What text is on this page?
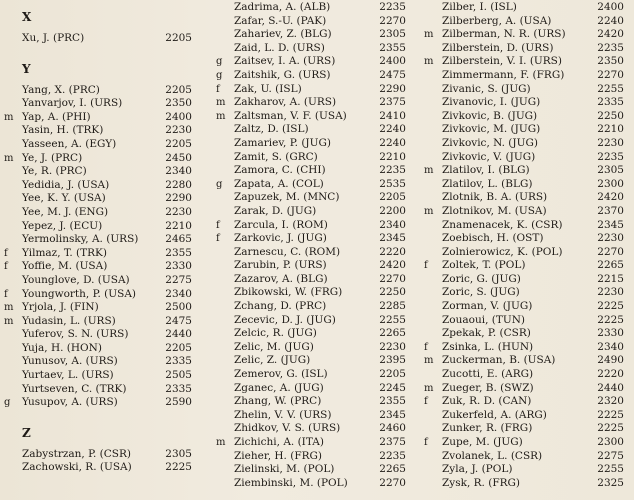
X
Xu, J. (PRC)	2205
Y
Yang, X. (PRC)	2205
Yanvarjov, I. (URS)	2350
m Yap, A. (PHI)	2400
Yasin, H. (TRK)	2230
Yasseen, A. (EGY)	2205
m Ye, J. (PRC)	2450
Ye, R. (PRC)	2340
Yedidia, J. (USA)	2280
Yee, K. Y. (USA)	2290
Yee, M. J. (ENG)	2230
Yepez, J. (ECU)	2210
Yermolinsky, A. (URS)	2465
f	Yilmaz, T. (TRK)	2355
f	Yoffie, M. (USA)	2330
Younglove, D. (USA)	2275
f	Youngworth, P. (USA)	2340
m Yrjola, J. (FIN)	2500
m Yudasin, L. (URS)	2475
Yuferov, S. N. (URS)	2440
Yuja, H. (HON)	2205
Yunusov, A. (URS)	2335
Yurtaev, L. (URS)	2505
Yurtseven, C. (TRK)	2335
g	Yusupov, A. (URS)	2590
Z
Zabystrzan, P. (CSR)	2305
Zachowski, R. (USA)	2225
Zadrima, A. (ALB)	2235
Zafar, S.-U. (PAK)	2270
Zahariev, Z. (BLG)	2305
Zaid, L. D. (URS)	2355
g	Zaitsev, I. A. (URS)	2400
g	Zaitshik, G. (URS)	2475
f	Zak, U. (ISL)	2290
m Zakharov, A. (URS)	2375
m Zaltsman, V. F. (USA)	2410
Zaltz, D. (ISL)	2240
Zamariev, P. (JUG)	2240
Zamit, S. (GRC)	2210
Zamora, C. (CHI)	2235
g	Zapata, A. (COL)	2535
Zapuzek, M. (MNC)	2205
Zarak, D. (JUG)	2200
f	Zarcula, I. (ROM)	2340
f	Zarkovic, J. (JUG)	2345
Zarnescu, C. (ROM)	2220
Zarubin, P. (URS)	2420
Zazarov, A. (BLG)	2270
Zbikowski, W. (FRG)	2250
Zchang, D. (PRC)	2285
Zecevic, D. J. (JUG)	2255
Zelcic, R. (JUG)	2265
Zelic, M. (JUG)	2230
Zelic, Z. (JUG)	2395
Zemerov, G. (ISL)	2205
Zganec, A. (JUG)	2245
Zhang, W. (PRC)	2355
Zhelin, V. V. (URS)	2345
Zhidkov, V. S. (URS)	2460
m Zichichi, A. (ITA)	2375
Zieher, H. (FRG)	2235
Zielinski, M. (POL)	2265
Ziembinski, M. (POL)	2270
Zilber, I. (ISL)	2400
Zilberberg, A. (USA)	2240
m Zilberman, N. R. (URS)	2420
Zilberstein, D. (URS)	2235
m Zilberstein, V. I. (URS)	2350
Zimmermann, F. (FRG)	2270
Zivanic, S. (JUG)	2255
Zivanovic, I. (JUG)	2335
Zivkovic, B. (JUG)	2250
Zivkovic, M. (JUG)	2210
Zivkovic, N. (JUG)	2230
Zivkovic, V. (JUG)	2235
m Zlatilov, I. (BLG)	2305
Zlatilov, L. (BLG)	2300
Zlotnik, B. A. (URS)	2420
m Zlotnikov, M. (USA)	2370
Znamenacek, K. (CSR)	2345
Zoebisch, H. (OST)	2230
Zolnierowicz, K. (POL)	2270
f	Zoltek, T. (POL)	2265
Zoric, G. (JUG)	2215
Zoric, S. (JUG)	2230
Zorman, V. (JUG)	2225
Zouaoui, (TUN)	2225
Zpekak, P. (CSR)	2330
f	Zsinka, L. (HUN)	2340
m Zuckerman, B. (USA)	2490
Zucotti, E. (ARG)	2220
m Zueger, B. (SWZ)	2440
f	Zuk, R. D. (CAN)	2320
Zukerfeld, A. (ARG)	2225
Zunker, R. (FRG)	2225
f	Zupe, M. (JUG)	2300
Zvolanek, L. (CSR)	2275
Zyla, J. (POL)	2255
Zysk, R. (FRG)	2325
